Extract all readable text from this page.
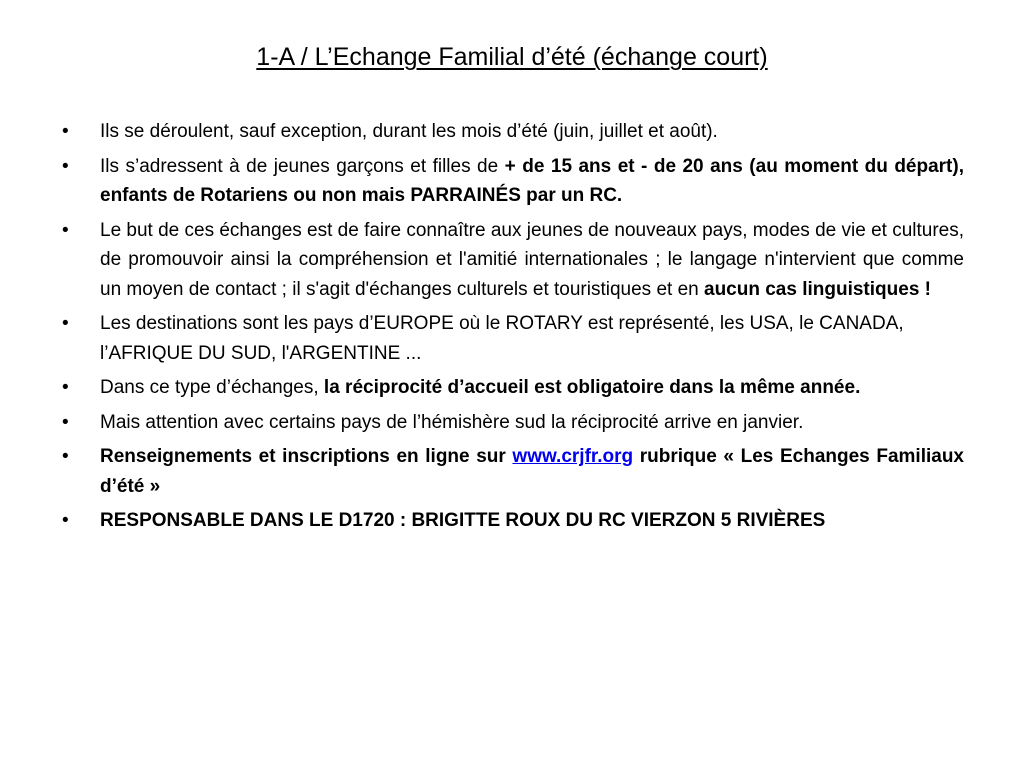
1-A / L’Echange Familial d’été (échange court)
• Ils se déroulent, sauf exception, durant les mois d’été (juin, juillet et août).
• Ils s’adressent à de jeunes garçons et filles de + de 15 ans et - de 20 ans (au moment du départ), enfants de Rotariens ou non mais PARRAINÉS par un RC.
• Le but de ces échanges est de faire connaître aux jeunes de nouveaux pays, modes de vie et cultures, de promouvoir ainsi la compréhension et l'amitié internationales ; le langage n'intervient que comme un moyen de contact ; il s'agit d'échanges culturels et touristiques et en aucun cas linguistiques !
• Les destinations sont les pays d’EUROPE où le ROTARY est représenté, les USA, le CANADA, l’AFRIQUE DU SUD, l'ARGENTINE ...
• Dans ce type d’échanges, la réciprocité d’accueil est obligatoire dans la même année.
• Mais attention avec certains pays de l’hémishère sud la réciprocité arrive en janvier.
• Renseignements et inscriptions en ligne sur www.crjfr.org rubrique « Les Echanges Familiaux d’été »
• RESPONSABLE DANS LE D1720 : BRIGITTE ROUX DU RC VIERZON 5 RIVIÈRES
